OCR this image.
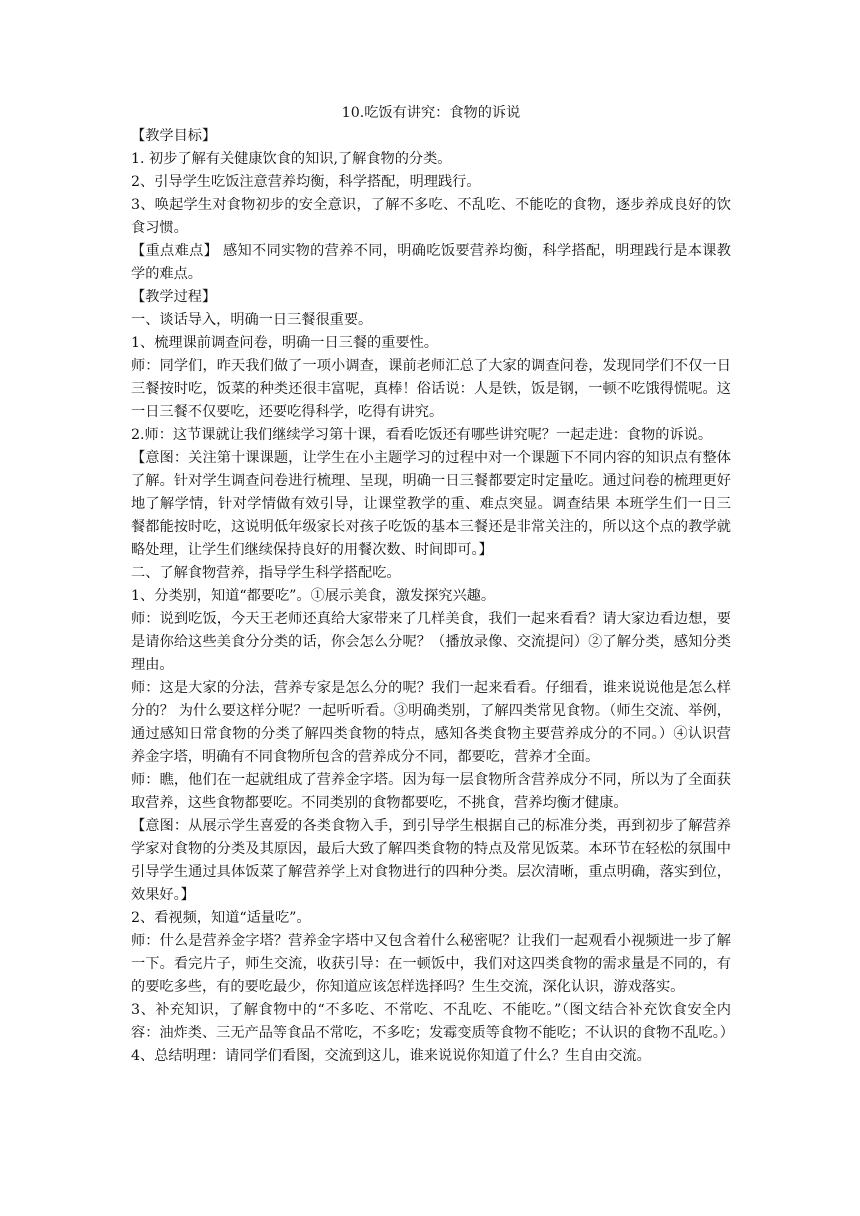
10.吃饭有讲究：食物的诉说

【教学目标】

1. 初步了解有关健康饮食的知识,了解食物的分类。

2、引导学生吃饭注意营养均衡，科学搭配，明理践行。

3、唤起学生对食物初步的安全意识，了解不多吃、不乱吃、不能吃的食物，逐步养成良好的饮食习惯。

【重点难点】 感知不同实物的营养不同，明确吃饭要营养均衡，科学搭配，明理践行是本课教学的难点。

【教学过程】

一、谈话导入，明确一日三餐很重要。

1、梳理课前调查问卷，明确一日三餐的重要性。

师：同学们，昨天我们做了一项小调查，课前老师汇总了大家的调查问卷，发现同学们不仅一日三餐按时吃，饭菜的种类还很丰富呢，真棒！俗话说：人是铁，饭是钢，一顿不吃饿得慌呢。这一日三餐不仅要吃，还要吃得科学，吃得有讲究。

2.师：这节课就让我们继续学习第十课，看看吃饭还有哪些讲究呢？一起走进：食物的诉说。

【意图：关注第十课课题，让学生在小主题学习的过程中对一个课题下不同内容的知识点有整体了解。针对学生调查问卷进行梳理、呈现，明确一日三餐都要定时定量吃。通过问卷的梳理更好地了解学情，针对学情做有效引导，让课堂教学的重、难点突显。调查结果 本班学生们一日三餐都能按时吃，这说明低年级家长对孩子吃饭的基本三餐还是非常关注的，所以这个点的教学就略处理，让学生们继续保持良好的用餐次数、时间即可。】

二、了解食物营养，指导学生科学搭配吃。

1、分类别，知道“都要吃”。①展示美食，激发探究兴趣。

师：说到吃饭，今天王老师还真给大家带来了几样美食，我们一起来看看？请大家边看边想，要是请你给这些美食分分类的话，你会怎么分呢？（播放录像、交流提问）②了解分类，感知分类理由。

师：这是大家的分法，营养专家是怎么分的呢？我们一起来看看。仔细看，谁来说说他是怎么样分的？ 为什么要这样分呢？一起听听看。③明确类别，了解四类常见食物。（师生交流、举例，通过感知日常食物的分类了解四类食物的特点，感知各类食物主要营养成分的不同。）④认识营养金字塔，明确有不同食物所包含的营养成分不同，都要吃，营养才全面。

师：瞧，他们在一起就组成了营养金字塔。因为每一层食物所含营养成分不同，所以为了全面获取营养，这些食物都要吃。不同类别的食物都要吃，不挑食，营养均衡才健康。

【意图：从展示学生喜爱的各类食物入手，到引导学生根据自己的标准分类，再到初步了解营养学家对食物的分类及其原因，最后大致了解四类食物的特点及常见饭菜。本环节在轻松的氛围中引导学生通过具体饭菜了解营养学上对食物进行的四种分类。层次清晰，重点明确，落实到位，效果好。】

2、看视频，知道“适量吃”。

师：什么是营养金字塔？营养金字塔中又包含着什么秘密呢？让我们一起观看小视频进一步了解一下。看完片子，师生交流，收获引导：在一顿饭中，我们对这四类食物的需求量是不同的，有的要吃多些，有的要吃最少，你知道应该怎样选择吗？生生交流，深化认识，游戏落实。

3、补充知识，了解食物中的“不多吃、不常吃、不乱吃、不能吃。”（图文结合补充饮食安全内容：油炸类、三无产品等食品不常吃，不多吃；发霉变质等食物不能吃；不认识的食物不乱吃。）

4、总结明理：请同学们看图，交流到这儿，谁来说说你知道了什么？生自由交流。
